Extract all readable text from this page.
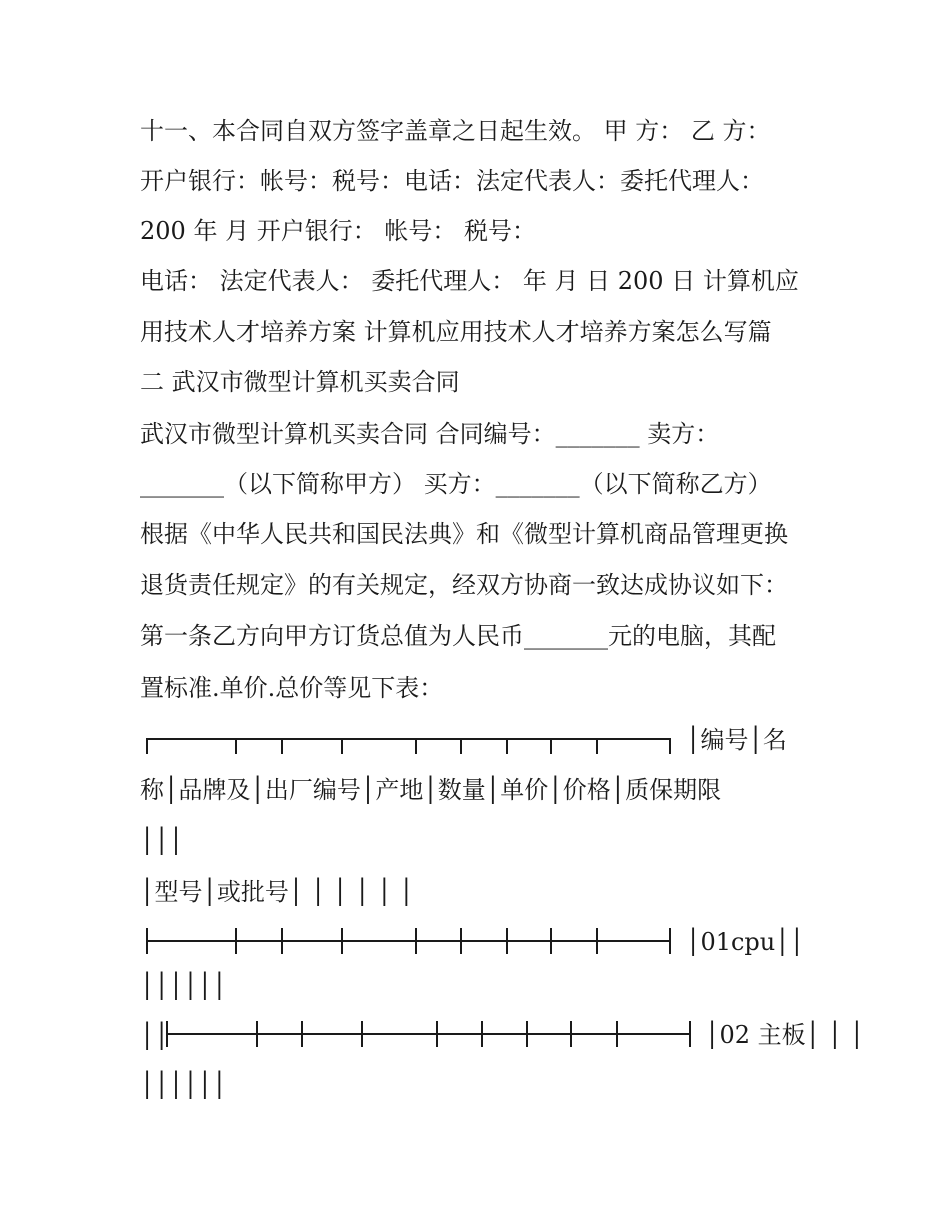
十一、本合同自双方签字盖章之日起生效。 甲 方： 乙 方：

开户银行：帐号：税号：电话：法定代表人：委托代理人：

200 年 月 开户银行： 帐号： 税号：

电话： 法定代表人： 委托代理人： 年 月 日 200 日 计算机应

用技术人才培养方案 计算机应用技术人才培养方案怎么写篇

二 武汉市微型计算机买卖合同

武汉市微型计算机买卖合同 合同编号：_______ 卖方：

_______（以下简称甲方） 买方：_______（以下简称乙方）

根据《中华人民共和国民法典》和《微型计算机商品管理更换

退货责任规定》的有关规定，经双方协商一致达成协议如下：

第一条乙方向甲方订货总值为人民币_______元的电脑，其配

置标准.单价.总价等见下表：

│编号│名

称│品牌及│出厂编号│产地│数量│单价│价格│质保期限

│││

│型号│或批号│ │ │ │ │ │

│01cpu││

││││││

││	│02 主板│ │ │

││││││
